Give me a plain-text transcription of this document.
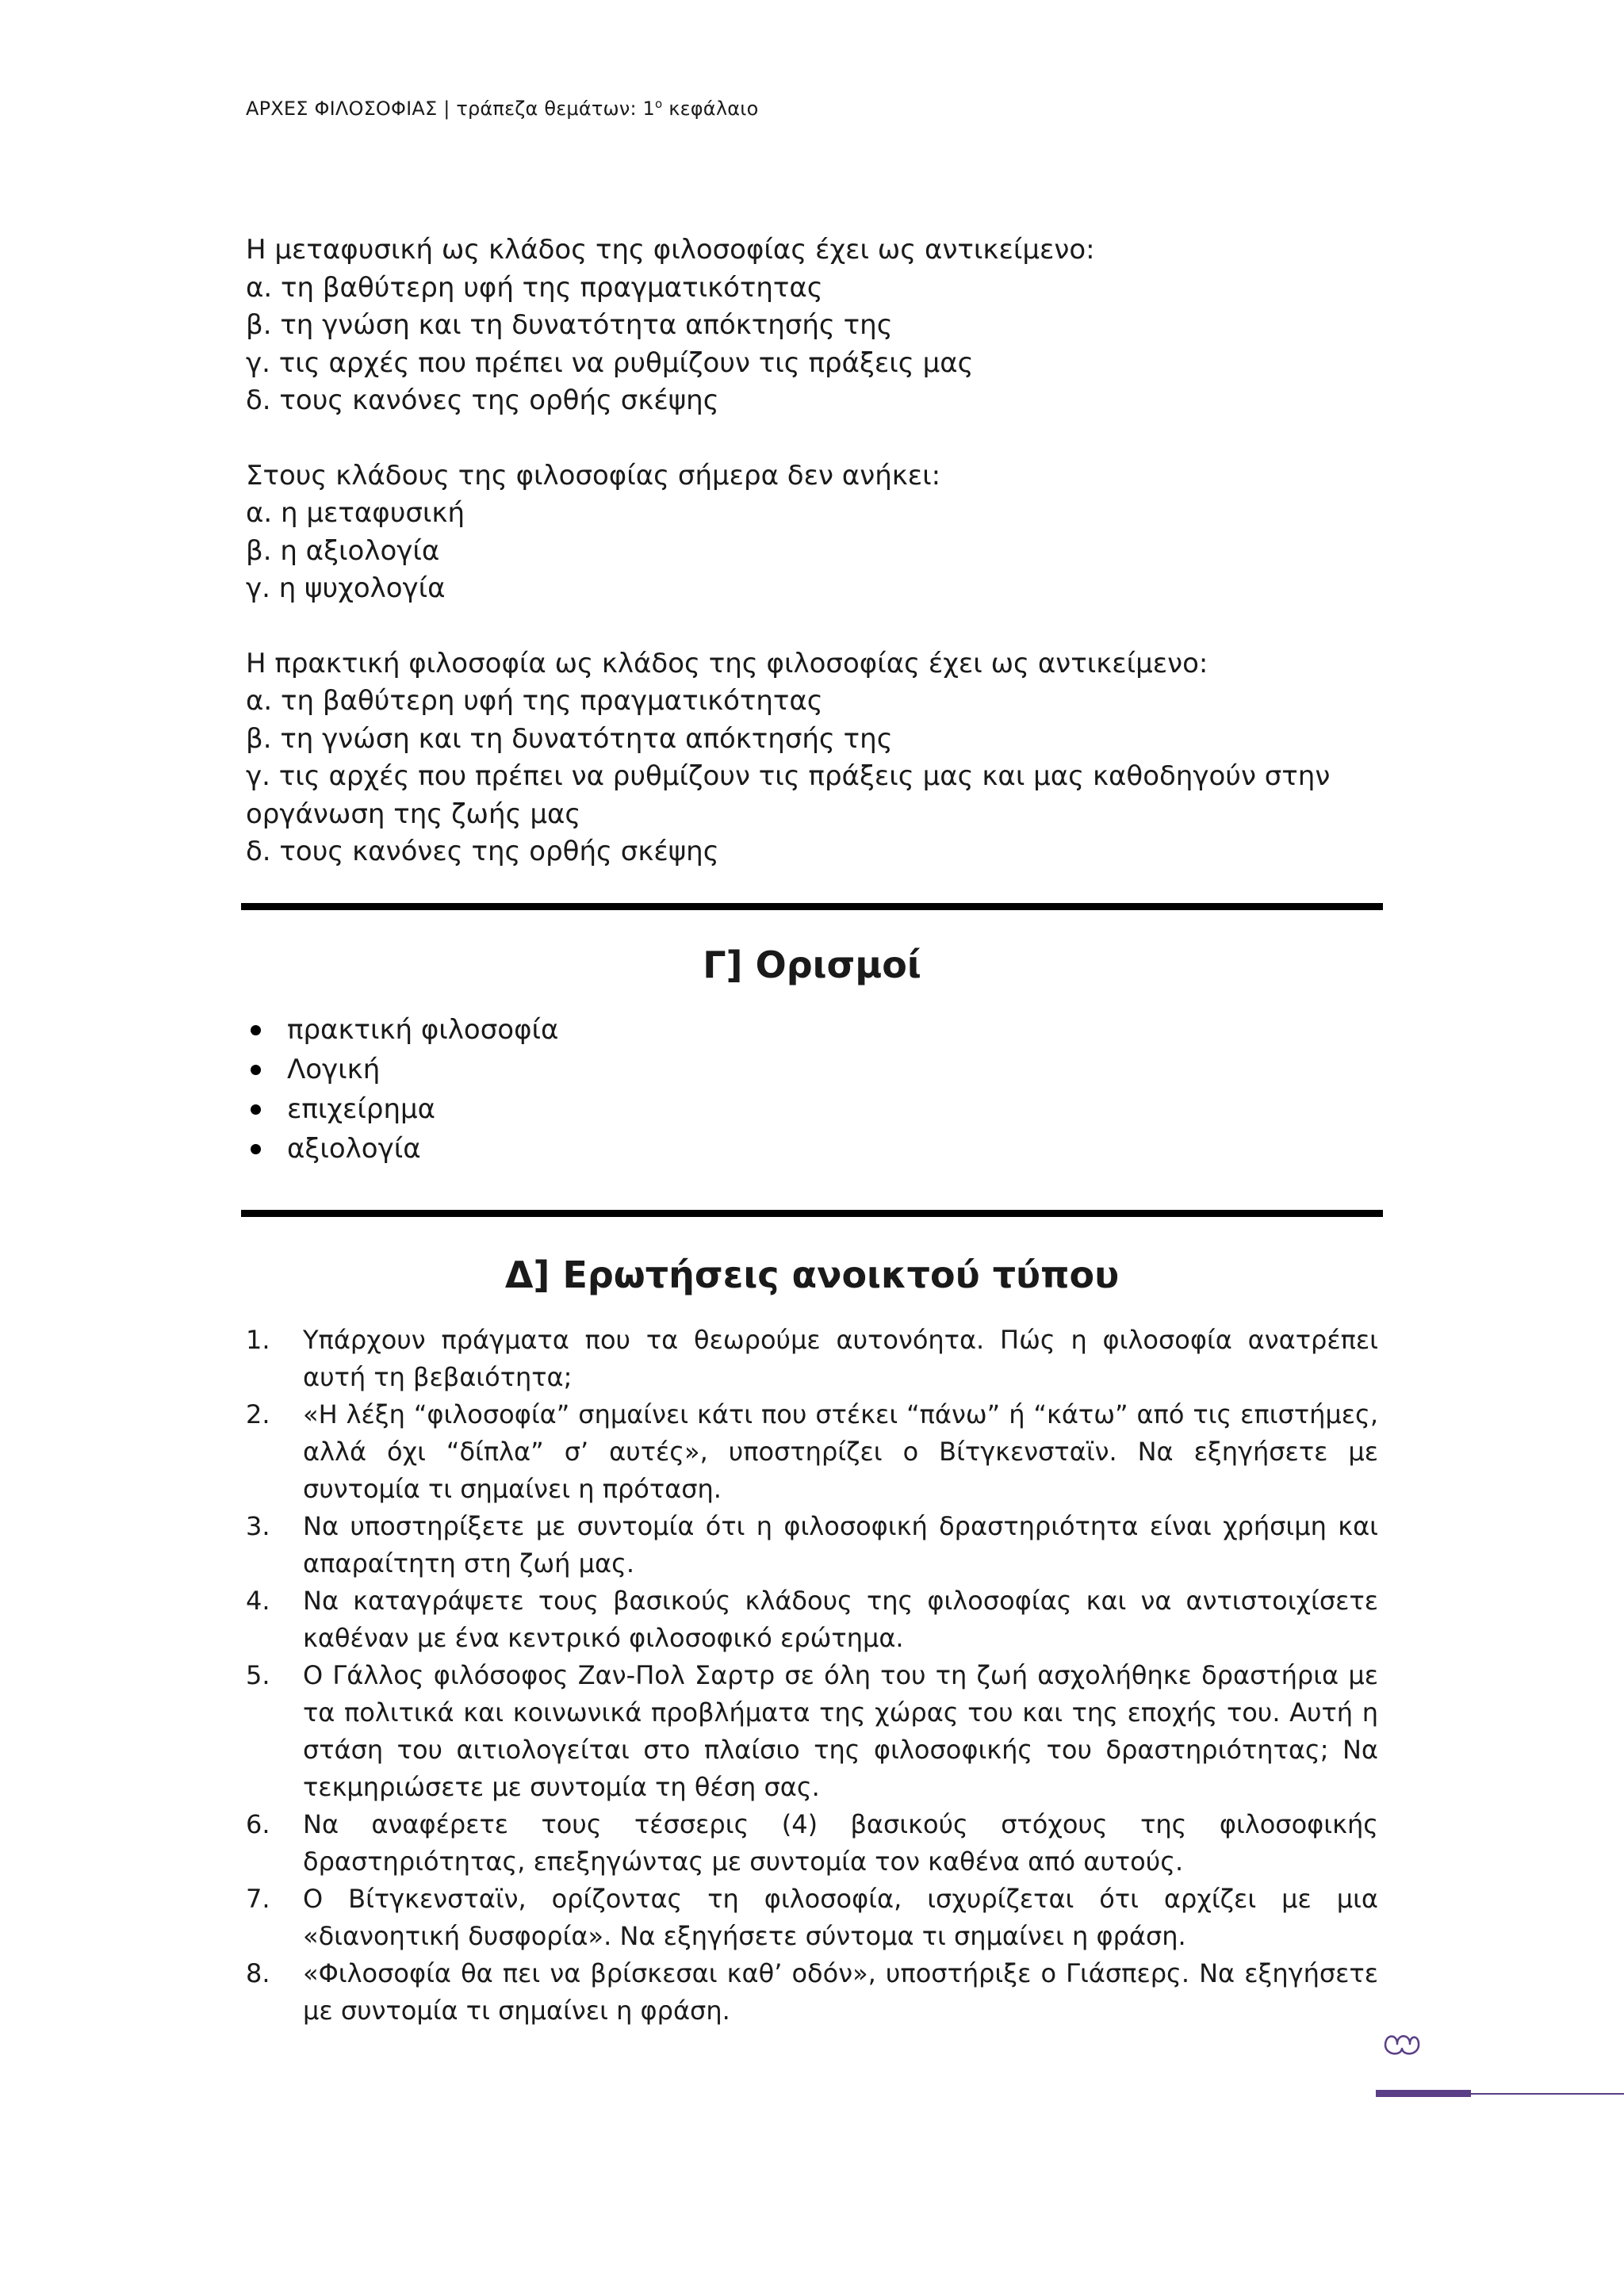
ΑΡΧΕΣ ΦΙΛΟΣΟΦΙΑΣ | τράπεζα θεμάτων: $1^o$ κεφάλαιο

Η μεταφυσική ως κλάδος της φιλοσοφίας έχει ως αντικείμενο:

α. τη βαθύτερη υφή της πραγματικότητας

β. τη γνώση και τη δυνατότητα απόκτησής της

γ. τις αρχές που πρέπει να ρυθμίζουν τις πράξεις μας

δ. τους κανόνες της ορθής σκέψης

Στους κλάδους της φιλοσοφίας σήμερα δεν ανήκει:

α. η μεταφυσική

β. η αξιολογία

γ. η ψυχολογία

Η πρακτική φιλοσοφία ως κλάδος της φιλοσοφίας έχει ως αντικείμενο:

α. τη βαθύτερη υφή της πραγματικότητας

β. τη γνώση και τη δυνατότητα απόκτησής της

γ. τις αρχές που πρέπει να ρυθμίζουν τις πράξεις μας και μας καθοδηγούν στην οργάνωση της ζωής μας

δ. τους κανόνες της ορθής σκέψης

Γ] Ορισμοί
πρακτική φιλοσοφία
Λογική
επιχείρημα
αξιολογία
Δ] Ερωτήσεις ανοικτού τύπου
1. Υπάρχουν πράγματα που τα θεωρούμε αυτονόητα. Πώς η φιλοσοφία ανατρέπει αυτή τη βεβαιότητα;
2. «Η λέξη “φιλοσοφία” σημαίνει κάτι που στέκει “πάνω” ή “κάτω” από τις επιστήμες, αλλά όχι “δίπλα” σ’ αυτές», υποστηρίζει ο Βίτγκενσταϊν. Να εξηγήσετε με συντομία τι σημαίνει η πρόταση.
3. Να υποστηρίξετε με συντομία ότι η φιλοσοφική δραστηριότητα είναι χρήσιμη και απαραίτητη στη ζωή μας.
4. Να καταγράψετε τους βασικούς κλάδους της φιλοσοφίας και να αντιστοιχίσετε καθέναν με ένα κεντρικό φιλοσοφικό ερώτημα.
5. Ο Γάλλος φιλόσοφος Ζαν-Πολ Σαρτρ σε όλη του τη ζωή ασχολήθηκε δραστήρια με τα πολιτικά και κοινωνικά προβλήματα της χώρας του και της εποχής του. Αυτή η στάση του αιτιολογείται στο πλαίσιο της φιλοσοφικής του δραστηριότητας; Να τεκμηριώσετε με συντομία τη θέση σας.
6. Να αναφέρετε τους τέσσερις (4) βασικούς στόχους της φιλοσοφικής δραστηριότητας, επεξηγώντας με συντομία τον καθένα από αυτούς.
7. Ο Βίτγκενσταϊν, ορίζοντας τη φιλοσοφία, ισχυρίζεται ότι αρχίζει με μια «διανοητική δυσφορία». Να εξηγήσετε σύντομα τι σημαίνει η φράση.
8. «Φιλοσοφία θα πει να βρίσκεσαι καθ’ οδόν», υποστήριξε ο Γιάσπερς. Να εξηγήσετε με συντομία τι σημαίνει η φράση.
